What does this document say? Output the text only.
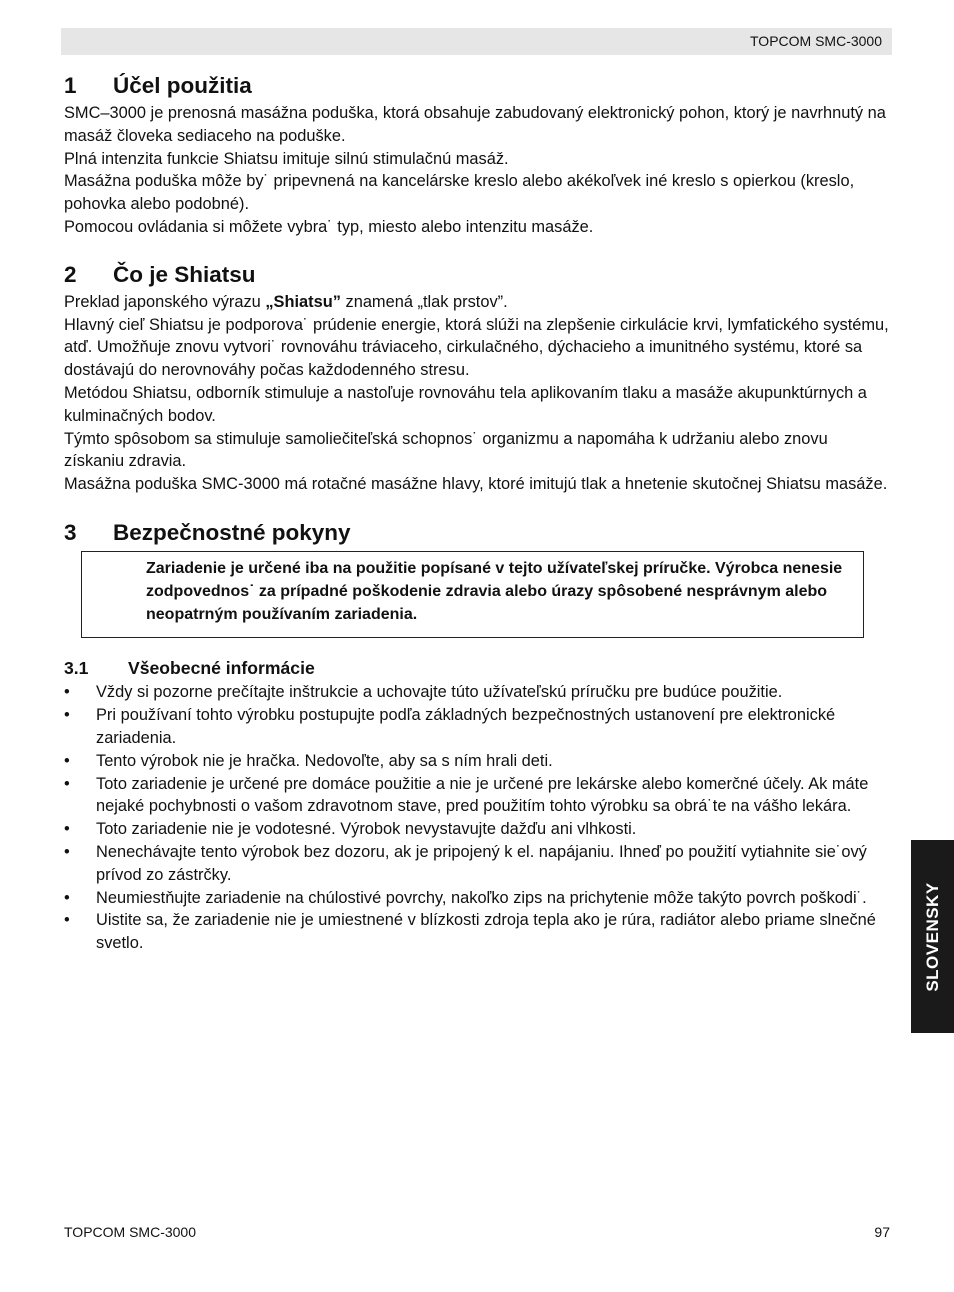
TOPCOM SMC-3000
1	Účel použitia

SMC–3000 je prenosná masážna poduška, ktorá obsahuje zabudovaný elektronický pohon, ktorý je navrhnutý na masáž človeka sediaceho na poduške.

Plná intenzita funkcie Shiatsu imituje silnú stimulačnú masáž.

Masážna poduška môže by˙ pripevnená na kancelárske kreslo alebo akékoľvek iné kreslo s opierkou (kreslo, pohovka alebo podobné).

Pomocou ovládania si môžete vybra˙ typ, miesto alebo intenzitu masáže.

2	Čo je Shiatsu

Preklad japonského výrazu „Shiatsu” znamená „tlak prstov”.

Hlavný cieľ Shiatsu je podporova˙ prúdenie energie, ktorá slúži na zlepšenie cirkulácie krvi, lymfatického systému, atď. Umožňuje znovu vytvori˙ rovnováhu tráviaceho, cirkulačného, dýchacieho a imunitného systému, ktoré sa dostávajú do nerovnováhy počas každodenného stresu.

Metódou Shiatsu, odborník stimuluje a nastoľuje rovnováhu tela aplikovaním tlaku a masáže akupunktúrnych a kulminačných bodov.

Týmto spôsobom sa stimuluje samoliečiteľská schopnos˙ organizmu a napomáha k udržaniu alebo znovu získaniu zdravia.

Masážna poduška SMC-3000 má rotačné masážne hlavy, ktoré imitujú tlak a hnetenie skutočnej Shiatsu masáže.

3	Bezpečnostné pokyny
Zariadenie je určené iba na použitie popísané v tejto užívateľskej príručke. Výrobca nenesie zodpovednos˙ za prípadné poškodenie zdravia alebo úrazy spôsobené nesprávnym alebo neopatrným používaním zariadenia.
3.1	Všeobecné informácie
•	Vždy si pozorne prečítajte inštrukcie a uchovajte túto užívateľskú príručku pre budúce použitie.
•	Pri používaní tohto výrobku postupujte podľa základných bezpečnostných ustanovení pre elektronické zariadenia.
•	Tento výrobok nie je hračka. Nedovoľte, aby sa s ním hrali deti.
•	Toto zariadenie je určené pre domáce použitie a nie je určené pre lekárske alebo komerčné účely. Ak máte nejaké pochybnosti o vašom zdravotnom stave, pred použitím tohto výrobku sa obrá˙te na vášho lekára.
•	Toto zariadenie nie je vodotesné. Výrobok nevystavujte dažďu ani vlhkosti.
•	Nenechávajte tento výrobok bez dozoru, ak je pripojený k el. napájaniu. Ihneď po použití vytiahnite sie˙ový prívod zo zástrčky.
•	Neumiestňujte zariadenie na chúlostivé povrchy, nakoľko zips na prichytenie môže takýto povrch poškodi˙.
•	Uistite sa, že zariadenie nie je umiestnené v blízkosti zdroja tepla ako je rúra, radiátor alebo priame slnečné svetlo.	SLOVENSKY
TOPCOM SMC-3000	97
